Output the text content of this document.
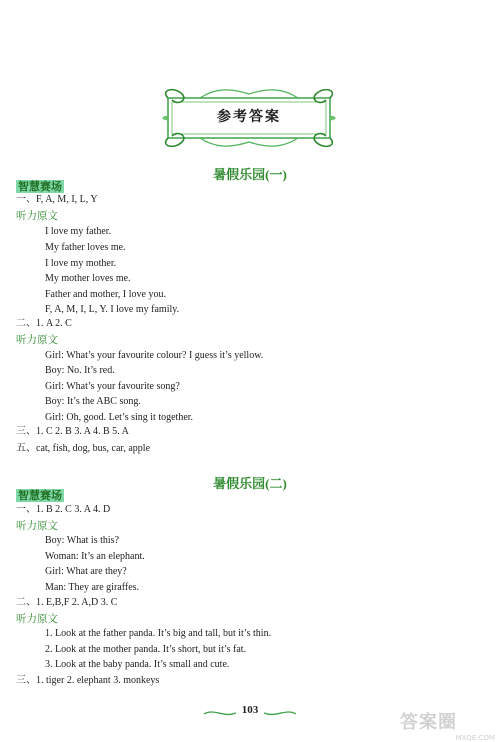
参考答案
暑假乐园(一)
智慧赛场
一、F, A, M, I, L, Y
听力原文
I love my father.
My father loves me.
I love my mother.
My mother loves me.
Father and mother, I love you.
F, A, M, I, L, Y. I love my family.
二、1. A 2. C
听力原文
Girl: What’s your favourite colour? I guess it’s yellow.
Boy: No. It’s red.
Girl: What’s your favourite song?
Boy: It’s the ABC song.
Girl: Oh, good. Let’s sing it together.
三、1. C 2. B 3. A 4. B 5. A
五、cat, fish, dog, bus, car, apple
暑假乐园(二)
智慧赛场
一、1. B 2. C 3. A 4. D
听力原文
Boy: What is this?
Woman: It’s an elephant.
Girl: What are they?
Man: They are giraffes.
二、1. E,B,F 2. A,D 3. C
听力原文
1. Look at the father panda. It’s big and tall, but it’s thin.
2. Look at the mother panda. It’s short, but it’s fat.
3. Look at the baby panda. It’s small and cute.
三、1. tiger 2. elephant 3. monkeys
103
答案圈
MXQE.COM
